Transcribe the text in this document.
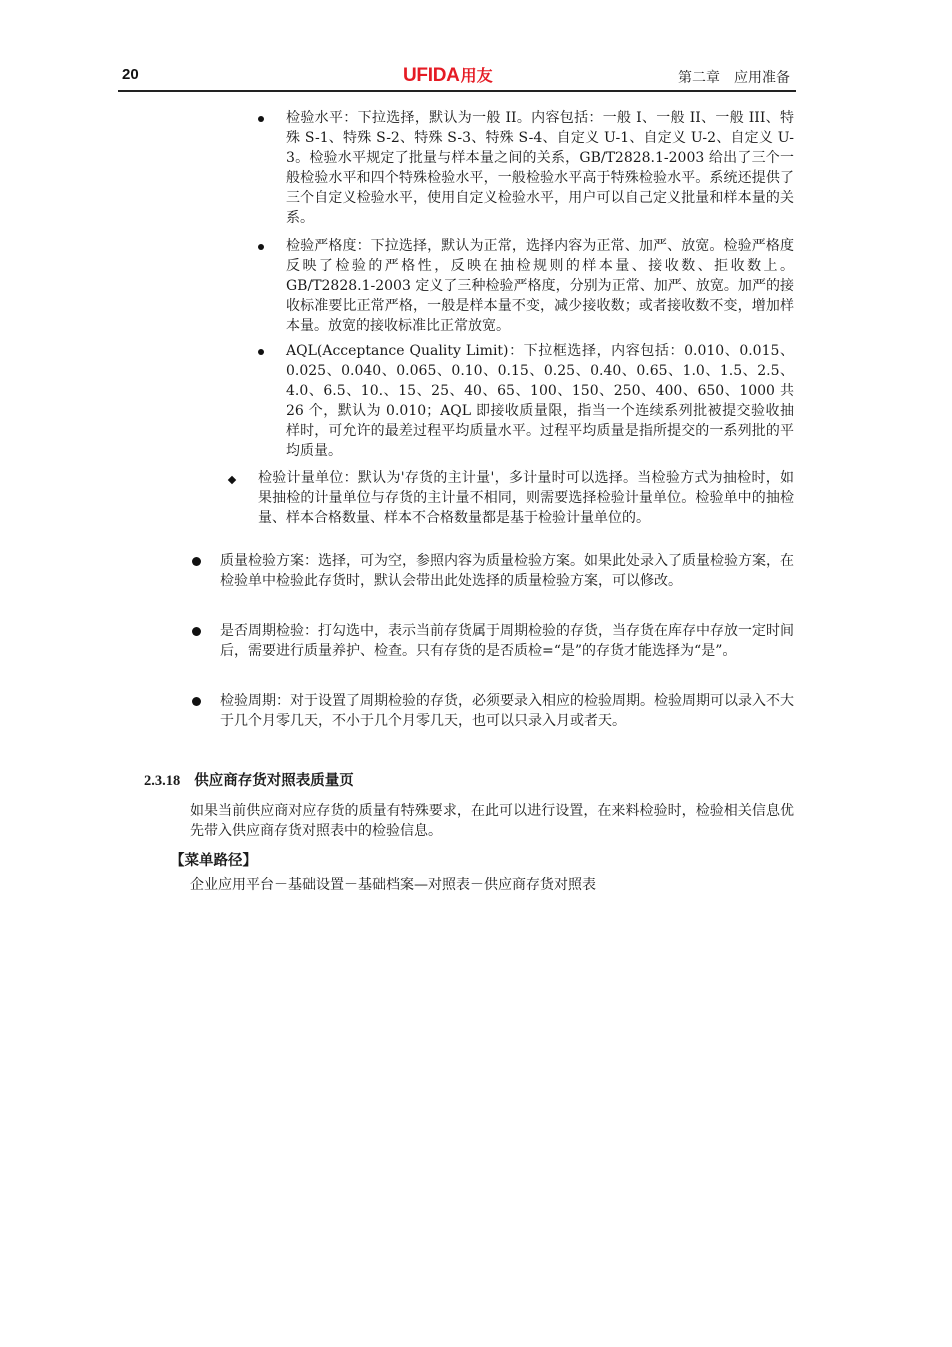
20	UFIDA用友	第二章　应用准备
检验水平：下拉选择，默认为一般 II。内容包括：一般 I、一般 II、一般 III、特殊 S-1、特殊 S-2、特殊 S-3、特殊 S-4、自定义 U-1、自定义 U-2、自定义 U-3。检验水平规定了批量与样本量之间的关系，GB/T2828.1-2003 给出了三个一般检验水平和四个特殊检验水平，一般检验水平高于特殊检验水平。系统还提供了三个自定义检验水平，使用自定义检验水平，用户可以自己定义批量和样本量的关系。
检验严格度：下拉选择，默认为正常，选择内容为正常、加严、放宽。检验严格度反映了检验的严格性，反映在抽检规则的样本量、接收数、拒收数上。GB/T2828.1-2003 定义了三种检验严格度，分别为正常、加严、放宽。加严的接收标准要比正常严格，一般是样本量不变，减少接收数；或者接收数不变，增加样本量。放宽的接收标准比正常放宽。
AQL(Acceptance Quality Limit)：下拉框选择，内容包括：0.010、0.015、0.025、0.040、0.065、0.10、0.15、0.25、0.40、0.65、1.0、1.5、2.5、4.0、6.5、10.、15、25、40、65、100、150、250、400、650、1000 共 26 个，默认为 0.010；AQL 即接收质量限，指当一个连续系列批被提交验收抽样时，可允许的最差过程平均质量水平。过程平均质量是指所提交的一系列批的平均质量。
检验计量单位：默认为'存货的主计量'，多计量时可以选择。当检验方式为抽检时，如果抽检的计量单位与存货的主计量不相同，则需要选择检验计量单位。检验单中的抽检量、样本合格数量、样本不合格数量都是基于检验计量单位的。
质量检验方案：选择，可为空，参照内容为质量检验方案。如果此处录入了质量检验方案，在检验单中检验此存货时，默认会带出此处选择的质量检验方案，可以修改。
是否周期检验：打勾选中，表示当前存货属于周期检验的存货，当存货在库存中存放一定时间后，需要进行质量养护、检查。只有存货的是否质检=“是”的存货才能选择为“是”。
检验周期：对于设置了周期检验的存货，必须要录入相应的检验周期。检验周期可以录入不大于几个月零几天，不小于几个月零几天，也可以只录入月或者天。
2.3.18 供应商存货对照表质量页
如果当前供应商对应存货的质量有特殊要求，在此可以进行设置，在来料检验时，检验相关信息优先带入供应商存货对照表中的检验信息。
【菜单路径】
企业应用平台－基础设置－基础档案—对照表－供应商存货对照表
